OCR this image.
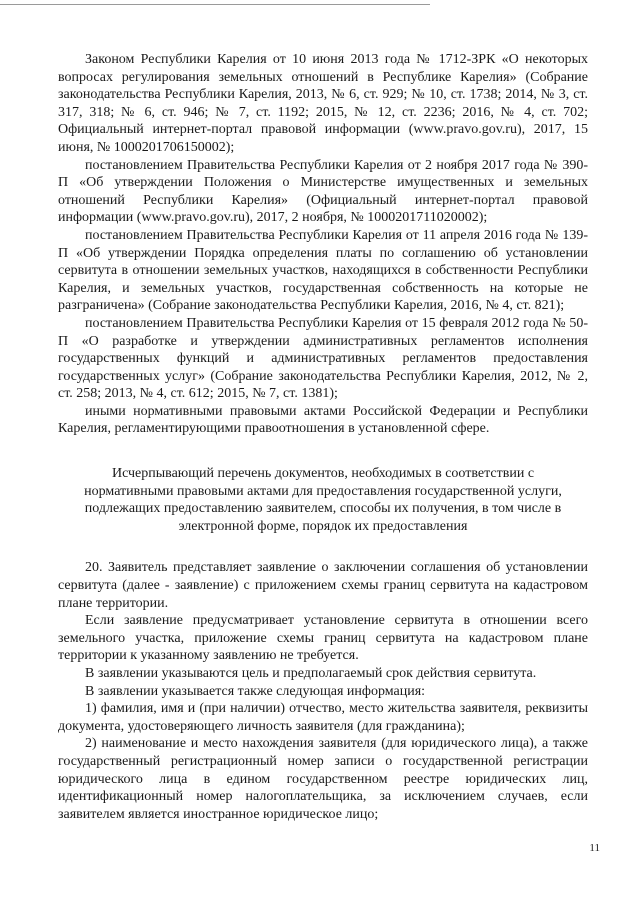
Законом Республики Карелия от 10 июня 2013 года № 1712-ЗРК «О некоторых вопросах регулирования земельных отношений в Республике Карелия» (Собрание законодательства Республики Карелия, 2013, № 6, ст. 929; № 10, ст. 1738; 2014, № 3, ст. 317, 318; № 6, ст. 946; № 7, ст. 1192; 2015, № 12, ст. 2236; 2016, № 4, ст. 702; Официальный интернет-портал правовой информации (www.pravo.gov.ru), 2017, 15 июня, № 1000201706150002);

постановлением Правительства Республики Карелия от 2 ноября 2017 года № 390-П «Об утверждении Положения о Министерстве имущественных и земельных отношений Республики Карелия» (Официальный интернет-портал правовой информации (www.pravo.gov.ru), 2017, 2 ноября, № 1000201711020002);

постановлением Правительства Республики Карелия от 11 апреля 2016 года № 139-П «Об утверждении Порядка определения платы по соглашению об установлении сервитута в отношении земельных участков, находящихся в собственности Республики Карелия, и земельных участков, государственная собственность на которые не разграничена» (Собрание законодательства Республики Карелия, 2016, № 4, ст. 821);

постановлением Правительства Республики Карелия от 15 февраля 2012 года № 50-П «О разработке и утверждении административных регламентов исполнения государственных функций и административных регламентов предоставления государственных услуг» (Собрание законодательства Республики Карелия, 2012, № 2, ст. 258; 2013, № 4, ст. 612; 2015, № 7, ст. 1381);

иными нормативными правовыми актами Российской Федерации и Республики Карелия, регламентирующими правоотношения в установленной сфере.

Исчерпывающий перечень документов, необходимых в соответствии с
нормативными правовыми актами для предоставления государственной услуги,
подлежащих предоставлению заявителем, способы их получения, в том числе в
электронной форме, порядок их предоставления

20. Заявитель представляет заявление о заключении соглашения об установлении сервитута (далее - заявление) с приложением схемы границ сервитута на кадастровом плане территории.

Если заявление предусматривает установление сервитута в отношении всего земельного участка, приложение схемы границ сервитута на кадастровом плане территории к указанному заявлению не требуется.

В заявлении указываются цель и предполагаемый срок действия сервитута.

В заявлении указывается также следующая информация:

1) фамилия, имя и (при наличии) отчество, место жительства заявителя, реквизиты документа, удостоверяющего личность заявителя (для гражданина);

2) наименование и место нахождения заявителя (для юридического лица), а также государственный регистрационный номер записи о государственной регистрации юридического лица в едином государственном реестре юридических лиц, идентификационный номер налогоплательщика, за исключением случаев, если заявителем является иностранное юридическое лицо;

11
